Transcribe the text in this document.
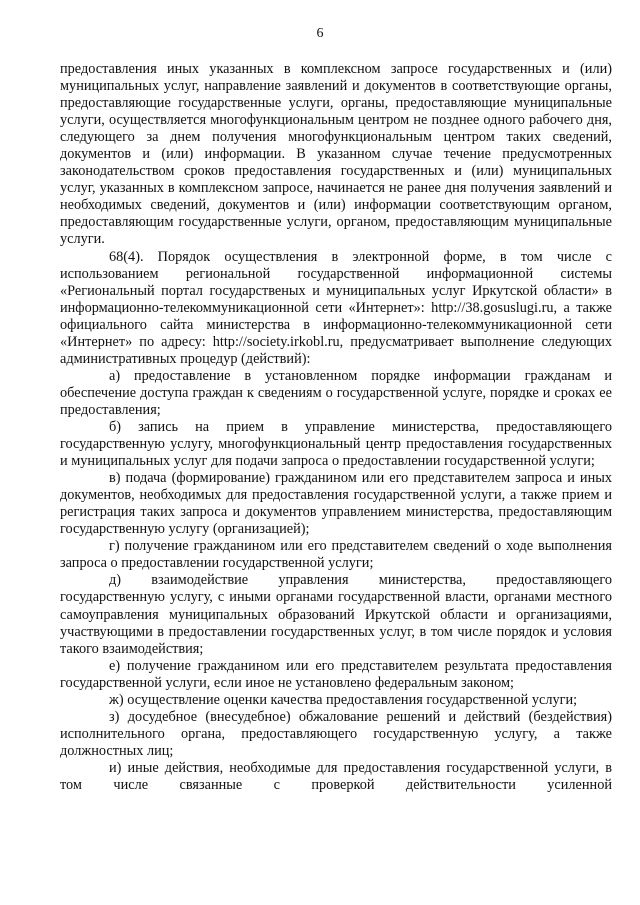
6

предоставления иных указанных в комплексном запросе государственных и (или) муниципальных услуг, направление заявлений и документов в соответствующие органы, предоставляющие государственные услуги, органы, предоставляющие муниципальные услуги, осуществляется многофункциональным центром не позднее одного рабочего дня, следующего за днем получения многофункциональным центром таких сведений, документов и (или) информации. В указанном случае течение предусмотренных законодательством сроков предоставления государственных и (или) муниципальных услуг, указанных в комплексном запросе, начинается не ранее дня получения заявлений и необходимых сведений, документов и (или) информации соответствующим органом, предоставляющим государственные услуги, органом, предоставляющим муниципальные услуги.

68(4). Порядок осуществления в электронной форме, в том числе с использованием региональной государственной информационной системы «Региональный портал государственых и муниципальных услуг Иркутской области» в информационно-телекоммуникационной сети «Интернет»: http://38.gosuslugi.ru, а также официального сайта министерства в информационно-телекоммуникационной сети «Интернет» по адресу: http://society.irkobl.ru, предусматривает выполнение следующих административных процедур (действий):

а) предоставление в установленном порядке информации гражданам и обеспечение доступа граждан к сведениям о государственной услуге, порядке и сроках ее предоставления;

б) запись на прием в управление министерства, предоставляющего государственную услугу, многофункциональный центр предоставления государственных и муниципальных услуг для подачи запроса о предоставлении государственной услуги;

в) подача (формирование) гражданином или его представителем запроса и иных документов, необходимых для предоставления государственной услуги, а также прием и регистрация таких запроса и документов управлением министерства, предоставляющим государственную услугу (организацией);

г) получение гражданином или его представителем сведений о ходе выполнения запроса о предоставлении государственной услуги;

д) взаимодействие управления министерства, предоставляющего государственную услугу, с иными органами государственной власти, органами местного самоуправления муниципальных образований Иркутской области и организациями, участвующими в предоставлении государственных услуг, в том числе порядок и условия такого взаимодействия;

е) получение гражданином или его представителем результата предоставления государственной услуги, если иное не установлено федеральным законом;

ж) осуществление оценки качества предоставления государственной услуги;

з) досудебное (внесудебное) обжалование решений и действий (бездействия) исполнительного органа, предоставляющего государственную услугу, а также должностных лиц;

и) иные действия, необходимые для предоставления государственной услуги, в том числе связанные с проверкой действительности усиленной
